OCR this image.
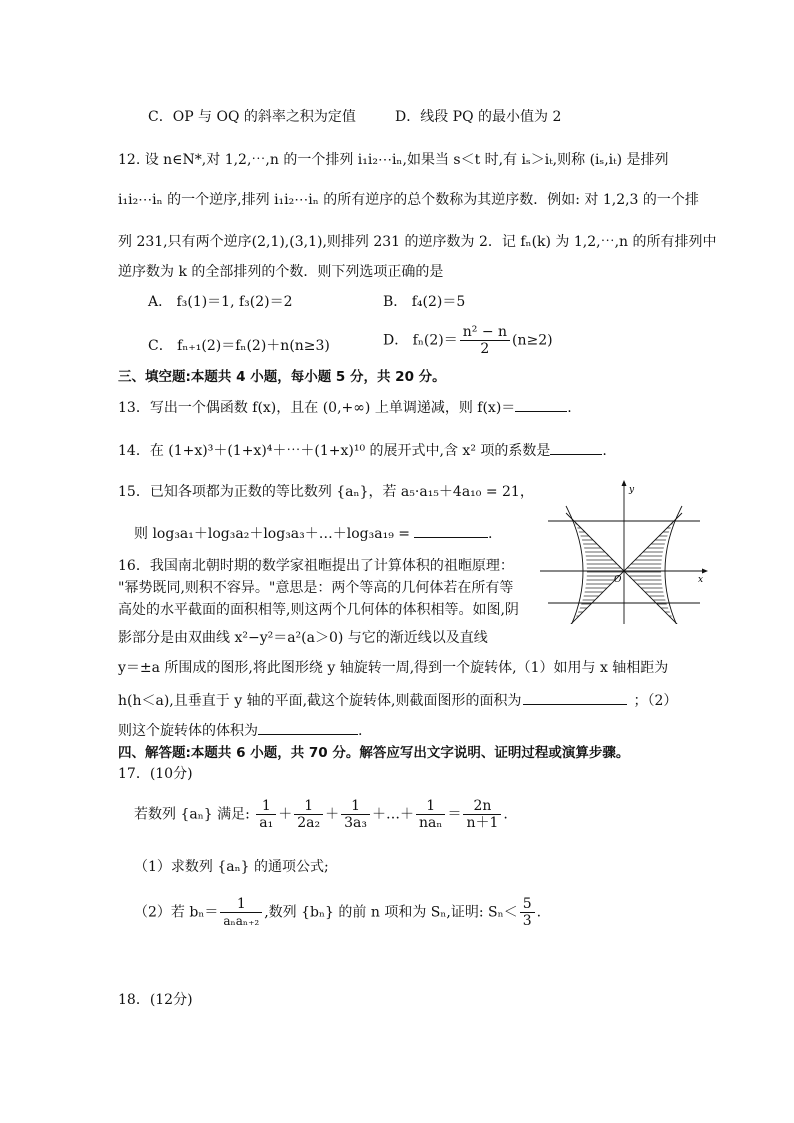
C．OP 与 OQ 的斜率之积为定值	D．线段 PQ 的最小值为 2
12. 设 n∈N*,对 1,2,⋯,n 的一个排列 i₁i₂⋯iₙ,如果当 s＜t 时,有 iₛ＞iₜ,则称 (iₛ,iₜ) 是排列
i₁i₂⋯iₙ 的一个逆序,排列 i₁i₂⋯iₙ 的所有逆序的总个数称为其逆序数．例如: 对 1,2,3 的一个排
列 231,只有两个逆序(2,1),(3,1),则排列 231 的逆序数为 2．记 fₙ(k) 为 1,2,⋯,n 的所有排列中
逆序数为 k 的全部排列的个数．则下列选项正确的是
A． f₃(1)＝1, f₃(2)＝2	B． f₄(2)＝5
C． fₙ₊₁(2)＝fₙ(2)＋n(n≥3)	D． $f_n(2)= \frac{\text{n² − n}}{2} (n\ge 2)$
三、填空题:本题共 4 小题，每小题 5 分，共 20 分。
13．写出一个偶函数 f(x)，且在 (0,+∞) 上单调递减，则 f(x)＝	.
14．在 (1+x)³＋(1+x)⁴＋⋯＋(1+x)¹⁰ 的展开式中,含 x² 项的系数是	.
15．已知各项都为正数的等比数列 {aₙ}，若 a₅·a₁₅＋4a₁₀ = 21，
则 log₃a₁＋log₃a₂＋log₃a₃＋…＋log₃a₁₉ =	.
16．我国南北朝时期的数学家祖暅提出了计算体积的祖暅原理：
"幂势既同,则积不容异。"意思是：两个等高的几何体若在所有等
高处的水平截面的面积相等,则这两个几何体的体积相等。如图,阴
影部分是由双曲线 x²−y²＝a²(a＞0) 与它的渐近线以及直线
y＝±a 所围成的图形,将此图形绕 y 轴旋转一周,得到一个旋转体,（1）如用与 x 轴相距为
h(h＜a),且垂直于 y 轴的平面,截这个旋转体,则截面图形的面积为	；（2）
则这个旋转体的体积为	.
y
x
O
四、解答题:本题共 6 小题，共 70 分。解答应写出文字说明、证明过程或演算步骤。
17．(10分)
若数列 {aₙ} 满足: $\frac{1}{\text{a₁}} + \frac{1}{\text{2a₂}} + \frac{1}{\text{3a₃}}$ ＋…＋ $\frac{1}{\text{naₙ}} = \frac{2n}{n+1}$ .
（1）求数列 {aₙ} 的通项公式;
（2）若 $b_n= \frac{1}{\text{aₙaₙ₊₂}}$ ,数列 {bₙ} 的前 n 项和为 Sₙ,证明: $S_n< \frac{5}{3}$ .
18．(12分)
